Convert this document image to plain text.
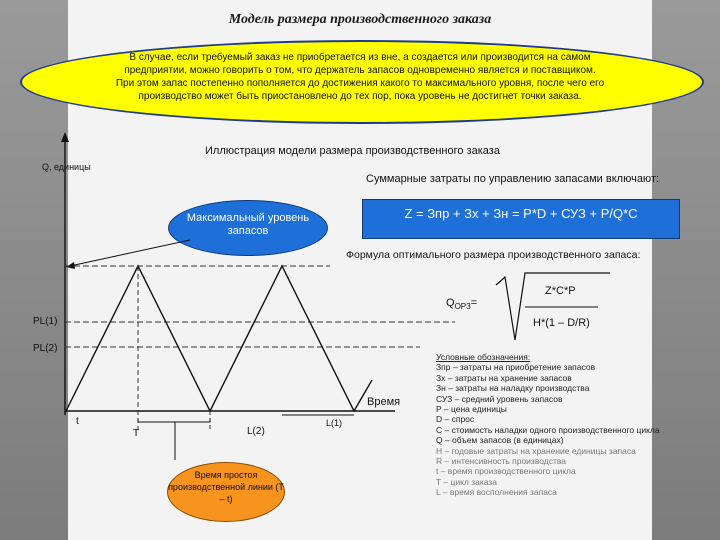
Модель размера производственного заказа
В случае, если требуемый заказ не приобретается из вне, а создается или производится на самом предприятии, можно говорить о том, что держатель запасов одновременно является и поставщиком. При этом запас постепенно пополняется до достижения какого то максимального уровня, после чего его производство может быть приостановлено до тех пор, пока уровень не достигнет точки заказа.
Иллюстрация модели размера производственного заказа
Q, единицы
Суммарные затраты по управлению запасами включают:
Максимальный уровень запасов
Z = Зпр + Зх + Зн = P*D + СУЗ + P/Q*C
Формула оптимального размера производственного запаса:
PL(1)
PL(2)
Время
t
T	L(2)
L(1)
Время простоя производственной линии (T – t)
$Q_{ОРЗ}=$
Z*C*P
H*(1 – D/R)
Условные обозначения:
Зпр – затраты на приобретение запасов
Зх – затраты на хранение запасов
Зн – затраты на наладку производства
СУЗ – средний уровень запасов
P – цена единицы
D – спрос
C – стоимость наладки одного производственного цикла
Q – объем запасов (в единицах)
H – годовые затраты на хранение единицы запаса
R – интенсивность производства
t – время производственного цикла
T – цикл заказа
L – время восполнения запаса
